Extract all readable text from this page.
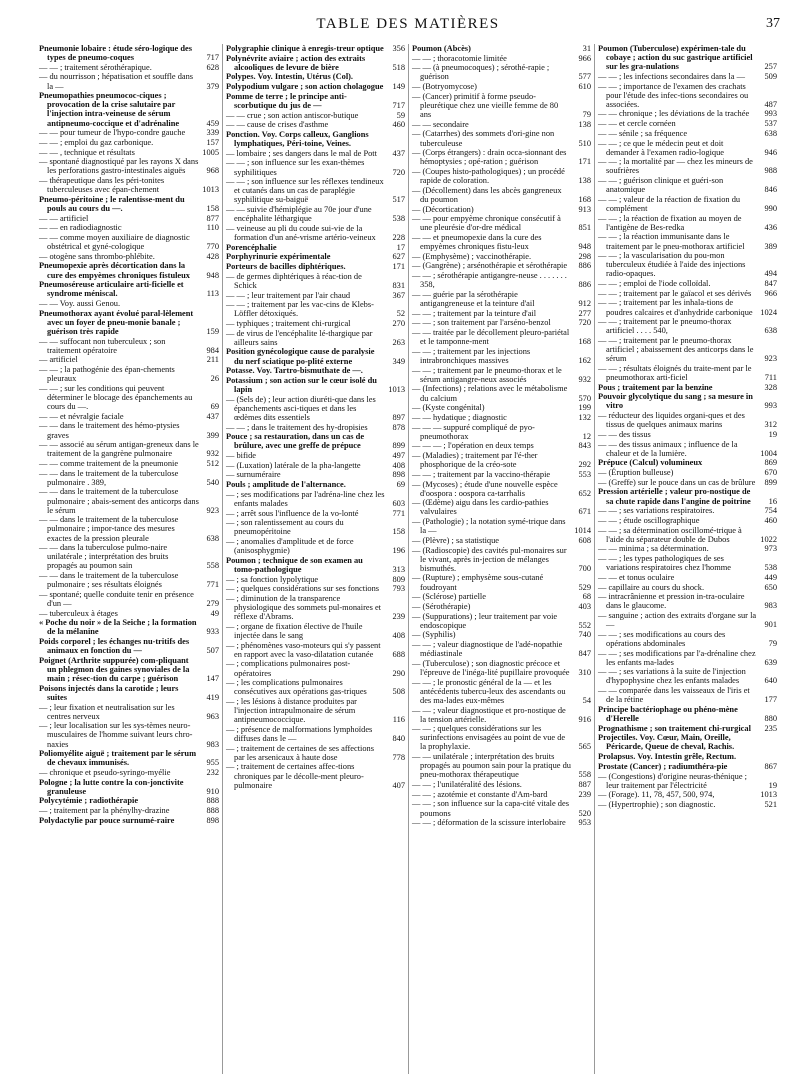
TABLE DES MATIÈRES	37
Pneumonie lobaire : étude séro-logique des types de pneumo-coques	717
— — ; traitement sérothérapique.	628
— du nourrisson ; hépatisation et souffle dans la —	379
Pneumopathies pneumococ-ciques ; provocation de la crise salutaire par l'injection intra-veineuse de sérum antipneumo-coccique et d'adrénaline	459
— — pour tumeur de l'hypo-condre gauche	339
— — ; emploi du gaz carbonique.	157
— — , technique et résultats	1005
— spontané diagnostiqué par les rayons X dans les perforations gastro-intestinales aiguës	968
— thérapeutique dans les péri-tonites tuberculeuses avec épan-chement	1013
Pneumo-péritoine ; le ralentisse-ment du pouls au cours du —.	158
— — artificiel	877
— — en radiodiagnostic	110
— — comme moyen auxiliaire de diagnostic obstétrical et gyné-cologique	770
— otogène sans thrombo-phlébite.	428
Pneumopexie après décortication dans la cure des empyèmes chroniques fistuleux 948
Pneumoséreuse articulaire arti-ficielle et syndrome méniscal.	113
— — Voy. aussi Genou.
Pneumothorax ayant évolué paral-lèlement avec un foyer de pneu-monie banale ; guérison très rapide	159
— — suffocant non tuberculeux ; son traitement opératoire	984
— artificiel	211
— — ; la pathogénie des épan-chements pleuraux	26
— — ; sur les conditions qui peuvent déterminer le blocage des épanchements au cours du —.	69
— — et névralgie faciale	437
— — dans le traitement des hémo-ptysies graves	399
— — associé au sérum antigan-greneux dans le traitement de la gangrène pulmonaire	932
— — comme traitement de la pneumonie	512
— — dans le traitement de la tuberculose pulmonaire . 389,	540
— — dans le traitement de la tuberculose pulmonaire ; abais-sement des anticorps dans le sérum	923
— — dans le traitement de la tuberculose pulmonaire ; impor-tance des mesures exactes de la pression pleurale	638
— — dans la tuberculose pulmo-naire unilatérale ; interprétation des bruits propagés au poumon sain	558
— — dans le traitement de la tuberculose pulmonaire ; ses résultats éloignés	771
— spontané; quelle conduite tenir en présence d'un —	279
— tuberculeux à étages	49
« Poche du noir » de la Seiche ; la formation de la mélanine	933
Poids corporel ; les échanges nu-tritifs des animaux en fonction du —	507
Poignet (Arthrite suppurée) com-pliquant un phlegmon des gaines synoviales de la main ; résec-tion du carpe ; guérison	147
Poisons injectés dans la carotide ; leurs suites	419
— ; leur fixation et neutralisation sur les centres nerveux	963
— ; leur localisation sur les sys-tèmes neuro-musculaires de l'homme suivant leurs chro-naxies	983
Poliomyélite aiguë ; traitement par le sérum de chevaux immunisés.	955
— chronique et pseudo-syringo-myélie	232
Pologne ; la lutte contre la con-jonctivite granuleuse	910
Polycytémie ; radiothérapie	888
— ; traitement par la phénylhy-drazine	888
Polydactylie par pouce surnumé-raire	898
Polygraphie clinique à enregis-treur optique 356
Polynévrite aviaire ; action des extraits alcooliques de levure de bière	518
Polypes. Voy. Intestin, Utérus (Col).
Polypodium vulgare ; son action cholagogue 149
Pomme de terre ; le principe anti-scorbutique du jus de —	717
— — crue ; son action antiscor-butique	59
— — cause de crises d'asthme	460
Ponction. Voy. Corps calleux, Ganglions lymphatiques, Péri-toine, Veines.
— lombaire ; ses dangers dans le mal de Pott 437
— — ; son influence sur les exan-thèmes syphilitiques	720
— — ; son influence sur les réflexes tendineux et cutanés dans un cas de paraplégie syphilitique su-baiguë	517
— — suivie d'hémiplégie au 70e jour d'une encéphalite léthargique	538
— veineuse au pli du coude sui-vie de la formation d'un ané-vrisme artério-veineux 228
Porencéphalie	17
Porphyrinurie expérimentale	627
Porteurs de bacilles diphtériques.	171
— de germes diphtériques à réac-tion de Schick	831
— — ; leur traitement par l'air chaud	367
— — ; traitement par les vac-cins de Klebs-Löffler détoxiqués.	52
— typhiques ; traitement chi-rurgical	270
— de virus de l'encéphalite lé-thargique par ailleurs sains	263
Position gynécologique cause de paralysie du nerf sciatique po-plité externe	349
Potasse. Voy. Tartro-bismuthate de —.
Potassium ; son action sur le cœur isolé du lapin	1013
— (Sels de) ; leur action diuréti-que dans les épanchements asci-tiques et dans les œdèmes dits essentiels	897
— — ; dans le traitement des hy-dropisies	878
Pouce ; sa restauration, dans un cas de brûlure, avec une greffe de prépuce	899
— bifide	497
— (Luxation) latérale de la pha-langette	408
— surnuméraire	898
Pouls ; amplitude de l'alternance.	69
— ; ses modifications par l'adréna-line chez les enfants malades	603
— ; arrêt sous l'influence de la vo-lonté	771
— ; son ralentissement au cours du pneumopéritoine	158
— ; anomalies d'amplitude et de force (anisosphygmie)	196
Poumon ; technique de son examen au tomo-pathologique	313
— ; sa fonction lypolytique	809
— ; quelques considérations sur ses fonctions 793
— ; diminution de la transparence physiologique des sommets pul-monaires et réflexe d'Abrams.	239
— ; organe de fixation élective de l'huile injectée dans le sang	408
— ; phénomènes vaso-moteurs qui s'y passent en rapport avec la vaso-dilatation cutanée 688
— ; complications pulmonaires post-opératoires	290
— ; les complications pulmonaires consécutives aux opérations gas-triques	508
— ; les lésions à distance produites par l'injection intrapulmonaire de sérum antipneumococcique.	116
— ; présence de malformations lymphoïdes diffuses dans le —	840
— ; traitement de certaines de ses affections par les arsenicaux à haute dose	778
— ; traitement de certaines affec-tions chroniques par le décolle-ment pleuro-pulmonaire	407
Poumon (Abcès)	31
— — ; thoracotomie limitée	966
— — (à pneumocoques) ; sérothé-rapie ; guérison	577
— (Botryomycose)	610
— (Cancer) primitif à forme pseudo-pleurétique chez une vieille femme de 80 ans	79
— — secondaire	138
— (Catarrhes) des sommets d'ori-gine non tuberculeuse	510
— (Corps étrangers) : drain occa-sionnant des hémoptysies ; opé-ration ; guérison	171
— (Coupes histo-pathologiques) ; un procédé rapide de coloration.	138
— (Décollement) dans les abcès gangreneux du poumon	168
— (Décortication)	913
— — pour empyème chronique consécutif à une pleurésie d'or-dre médical	851
— — et pneumopexie dans la cure des empyèmes chroniques fistu-leux	948
— (Emphysème) ; vaccinothérapie.	298
— (Gangrène) ; arsénothérapie et sérothérapie 886
— — ; sérothérapie antigangre-neuse . . . . . . . 358,	886
— — guérie par la sérothérapie antigangreneuse et la teinture d'ail	912
— — ; traitement par la teinture d'ail	277
— — ; son traitement par l'arséno-benzol	720
— — traitée par le décollement pleuro-pariétal et le tamponne-ment	168
— — ; traitement par les injections intrabronchiques massives	162
— — ; traitement par le pneumo-thorax et le sérum antigangre-neux associés	932
— (Infections) ; relations avec le métabolisme du calcium	570
— (Kyste congénital)	199
— — hydatique ; diagnostic	132
— — — suppuré compliqué de pyo-pneumothorax	12
— — — ; l'opération en deux temps	843
— (Maladies) ; traitement par l'é-ther phosphorique de la créo-sote	292
— — ; traitement par la vaccino-thérapie	553
— (Mycoses) ; étude d'une nouvelle espèce d'oospora : oospora ca-tarrhalis	652
— (Œdème) aigu dans les cardio-pathies valvulaires	671
— (Pathologie) ; la notation symé-trique dans la —	1014
— (Plèvre) ; sa statistique	608
— (Radioscopie) des cavités pul-monaires sur le vivant, après in-jection de mélanges bismuthés.	700
— (Rupture) ; emphysème sous-cutané foudroyant	529
— (Sclérose) partielle	68
— (Sérothérapie)	403
— (Suppurations) ; leur traitement par voie endoscopique	552
— (Syphilis)	740
— — ; valeur diagnostique de l'adé-nopathie médiastinale	847
— (Tuberculose) ; son diagnostic précoce et l'épreuve de l'inéga-lité pupillaire provoquée 310
— — ; le pronostic général de la — et les antécédents tubercu-leux des ascendants ou des ma-lades eux-mêmes	54
— — ; valeur diagnostique et pro-nostique de la tension artérielle.	916
— — ; quelques considérations sur les surinfections envisagées au point de vue de la prophylaxie.	565
— — unilatérale ; interprétation des bruits propagés au poumon sain pour la pratique du pneu-mothorax thérapeutique	558
— — ; l'unilatéralité des lésions.	887
— — ; azotémie et constante d'Am-bard	239
— — ; son influence sur la capa-cité vitale des poumons	520
— — ; déformation de la scissure interlobaire 953
Poumon (Tuberculose) expérimen-tale du cobaye ; action du suc gastrique artificiel sur les gra-nulations	257
— — ; les infections secondaires dans la — 509
— — ; importance de l'examen des crachats pour l'étude des infec-tions secondaires ou associées.	487
— — chronique ; les déviations de la trachée 993
— — et cercle cornéen	537
— — sénile ; sa fréquence	638
— — ; ce que le médecin peut et doit demander à l'examen radio-logique	946
— — ; la mortalité par — chez les mineurs de soufrières	988
— — ; guérison clinique et guéri-son anatomique	846
— — ; valeur de la réaction de fixation du complément	990
— — ; la réaction de fixation au moyen de l'antigène de Bes-redka	436
— — ; la réaction immunisante dans le traitement par le pneu-mothorax artificiel 389
— — ; la vascularisation du pou-mon tuberculeux étudiée à l'aide des injections radio-opaques.	494
— — ; emploi de l'iode colloïdal.	847
— — ; traitement par le gaïacol et ses dérivés 966
— — ; traitement par les inhala-tions de poudres calcaires et d'anhydride carbonique 1024
— — ; traitement par le pneumo-thorax artificiel . . . . 540,	638
— — ; traitement par le pneumo-thorax artificiel ; abaissement des anticorps dans le sérum	923
— — ; résultats éloignés du traite-ment par le pneumothorax arti-ficiel	711
Pous ; traitement par la benzine	328
Pouvoir glycolytique du sang ; sa mesure in vitro	993
— réducteur des liquides organi-ques et des tissus de quelques animaux marins	312
— — des tissus	19
— — des tissus animaux ; influence de la chaleur et de la lumière.	1004
Prépuce (Calcul) volumineux	869
— (Éruption bulleuse)	670
— (Greffe) sur le pouce dans un cas de brûlure 899
Pression artérielle ; valeur pro-nostique de sa chute rapide dans l'angine de poitrine 16
— — ; ses variations respiratoires.	754
— — ; étude oscillographique	460
— — ; sa détermination oscillomé-trique à l'aide du séparateur double de Dubos	1022
— — minima ; sa détermination.	973
— — ; les types pathologiques de ses variations respiratoires chez l'homme	538
— — et tonus oculaire	449
— capillaire au cours du shock.	650
— intracrânienne et pression in-tra-oculaire dans le glaucome.	983
— sanguine ; action des extraits d'organe sur la —	901
— — ; ses modifications au cours des opérations abdominales	79
— — ; ses modifications par l'a-drénaline chez les enfants ma-lades	639
— — ; ses variations à la suite de l'injection d'hypophysine chez les enfants malades	640
— — comparée dans les vaisseaux de l'iris et de la rétine	177
Principe bactériophage ou phéno-mène d'Herelle	880
Prognathisme ; son traitement chi-rurgical 235
Projectiles. Voy. Cœur, Main, Oreille, Péricarde, Queue de cheval, Rachis.
Prolapsus. Voy. Intestin grêle, Rectum.
Prostate (Cancer) ; radiumthéra-pie	867
— (Congestions) d'origine neuras-thénique ; leur traitement par l'électricité	19
— (Forage). 11, 78, 457, 500, 974,	1013
— (Hypertrophie) ; son diagnostic.	521
